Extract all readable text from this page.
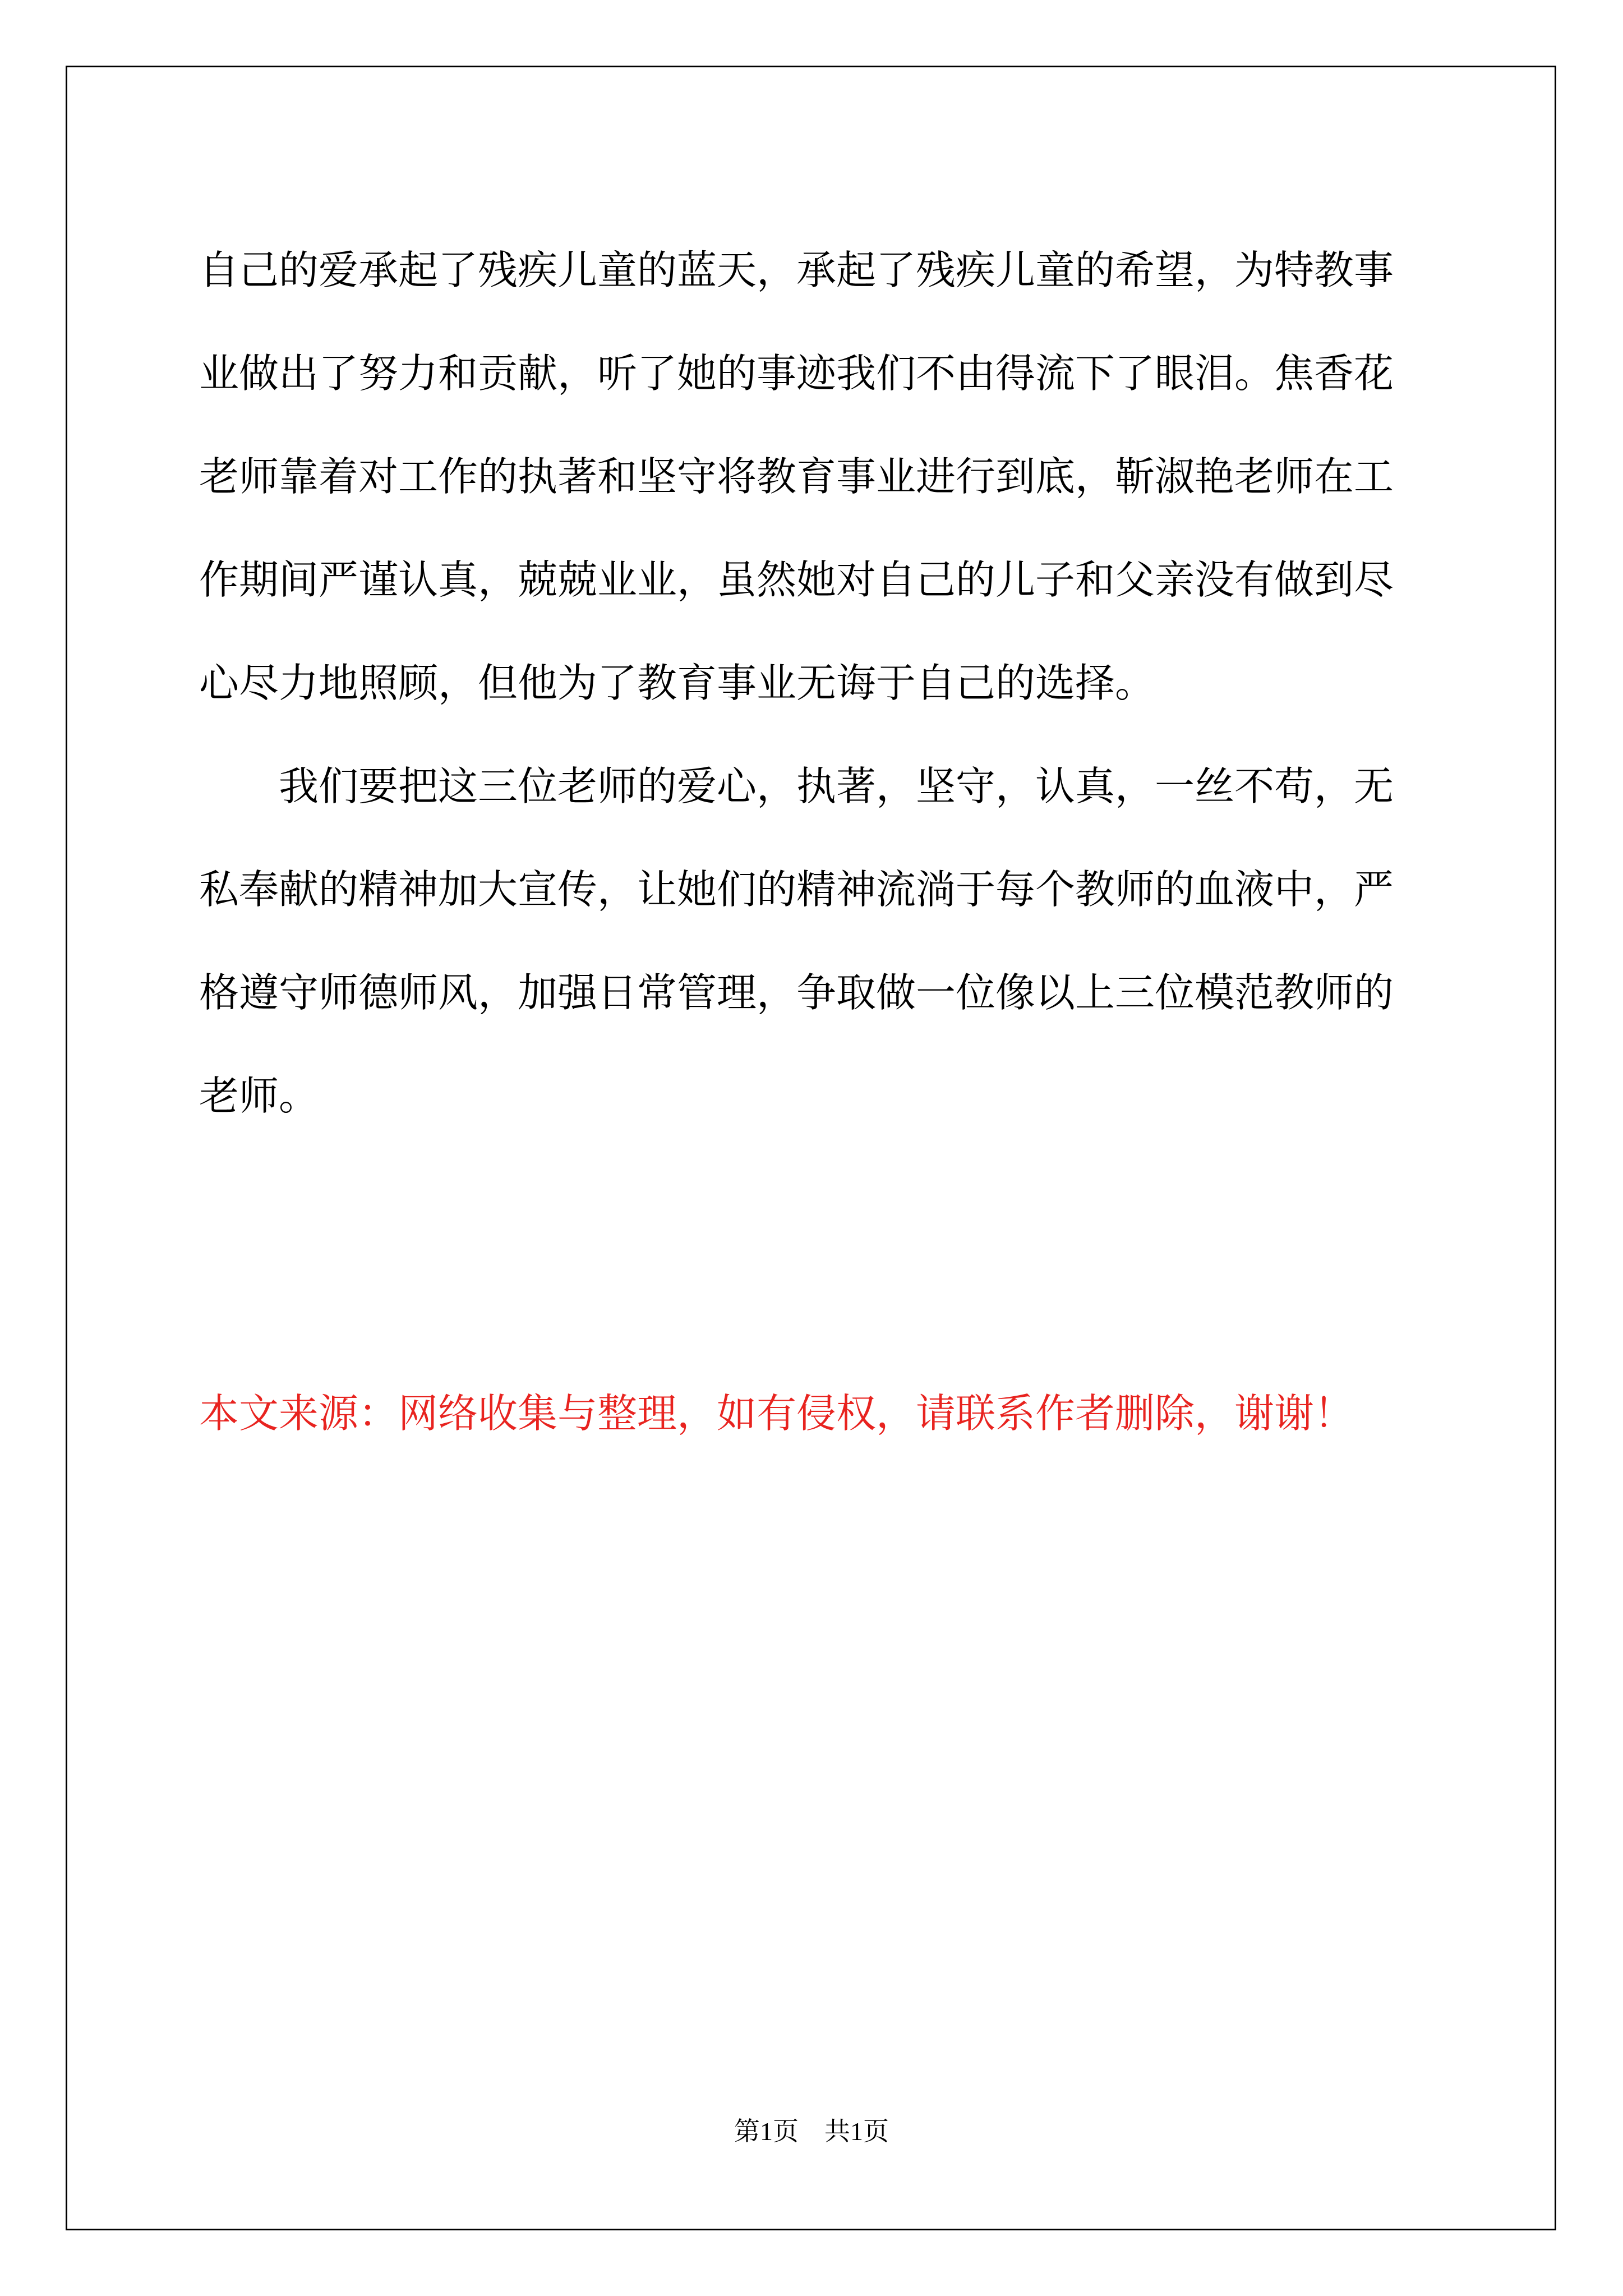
自己的爱承起了残疾儿童的蓝天，承起了残疾儿童的希望，为特教事业做出了努力和贡献，听了她的事迹我们不由得流下了眼泪。焦香花老师靠着对工作的执著和坚守将教育事业进行到底，靳淑艳老师在工作期间严谨认真，兢兢业业，虽然她对自己的儿子和父亲没有做到尽心尽力地照顾，但他为了教育事业无诲于自己的选择。

我们要把这三位老师的爱心，执著，坚守，认真，一丝不苟，无私奉献的精神加大宣传，让她们的精神流淌于每个教师的血液中，严格遵守师德师风，加强日常管理，争取做一位像以上三位模范教师的老师。

本文来源：网络收集与整理，如有侵权，请联系作者删除，谢谢！

第1页　共1页
